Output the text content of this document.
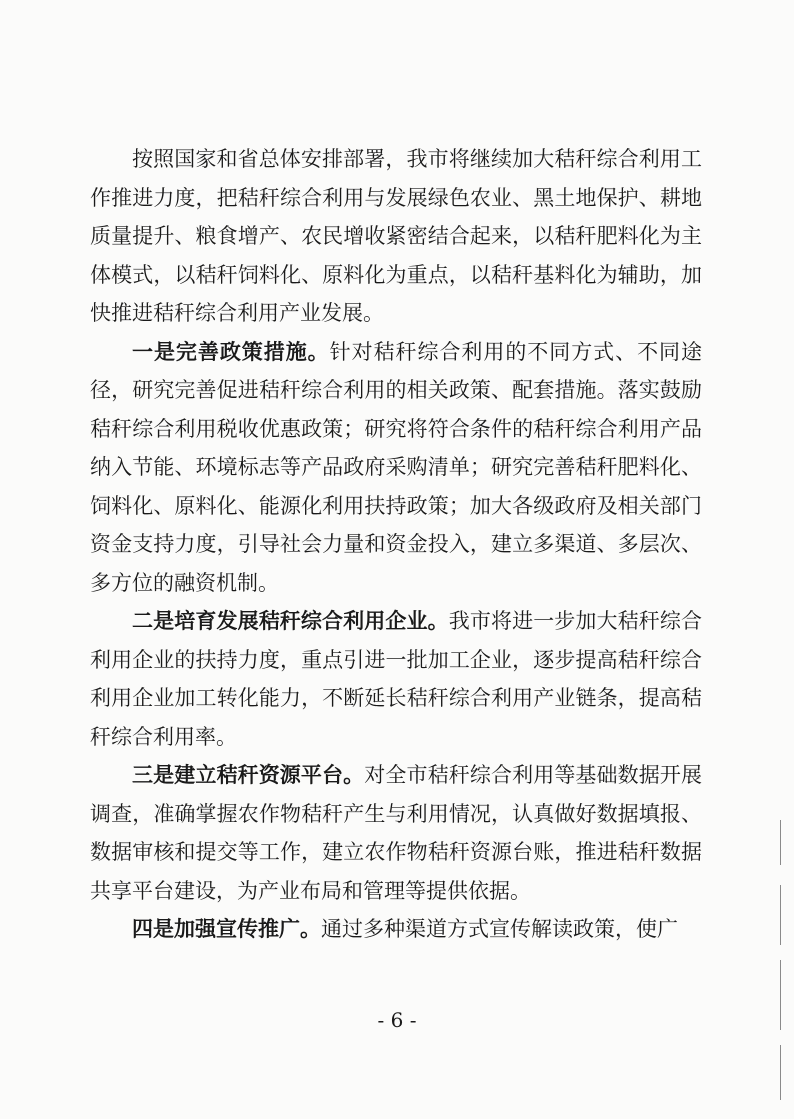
按照国家和省总体安排部署，我市将继续加大秸秆综合利用工作推进力度，把秸秆综合利用与发展绿色农业、黑土地保护、耕地质量提升、粮食增产、农民增收紧密结合起来，以秸秆肥料化为主体模式，以秸秆饲料化、原料化为重点，以秸秆基料化为辅助，加快推进秸秆综合利用产业发展。

一是完善政策措施。针对秸秆综合利用的不同方式、不同途径，研究完善促进秸秆综合利用的相关政策、配套措施。落实鼓励秸秆综合利用税收优惠政策；研究将符合条件的秸秆综合利用产品纳入节能、环境标志等产品政府采购清单；研究完善秸秆肥料化、饲料化、原料化、能源化利用扶持政策；加大各级政府及相关部门资金支持力度，引导社会力量和资金投入，建立多渠道、多层次、多方位的融资机制。

二是培育发展秸秆综合利用企业。我市将进一步加大秸秆综合利用企业的扶持力度，重点引进一批加工企业，逐步提高秸秆综合利用企业加工转化能力，不断延长秸秆综合利用产业链条，提高秸秆综合利用率。

三是建立秸秆资源平台。对全市秸秆综合利用等基础数据开展调查，准确掌握农作物秸秆产生与利用情况，认真做好数据填报、数据审核和提交等工作，建立农作物秸秆资源台账，推进秸秆数据共享平台建设，为产业布局和管理等提供依据。

四是加强宣传推广。通过多种渠道方式宣传解读政策，使广

- 6 -
